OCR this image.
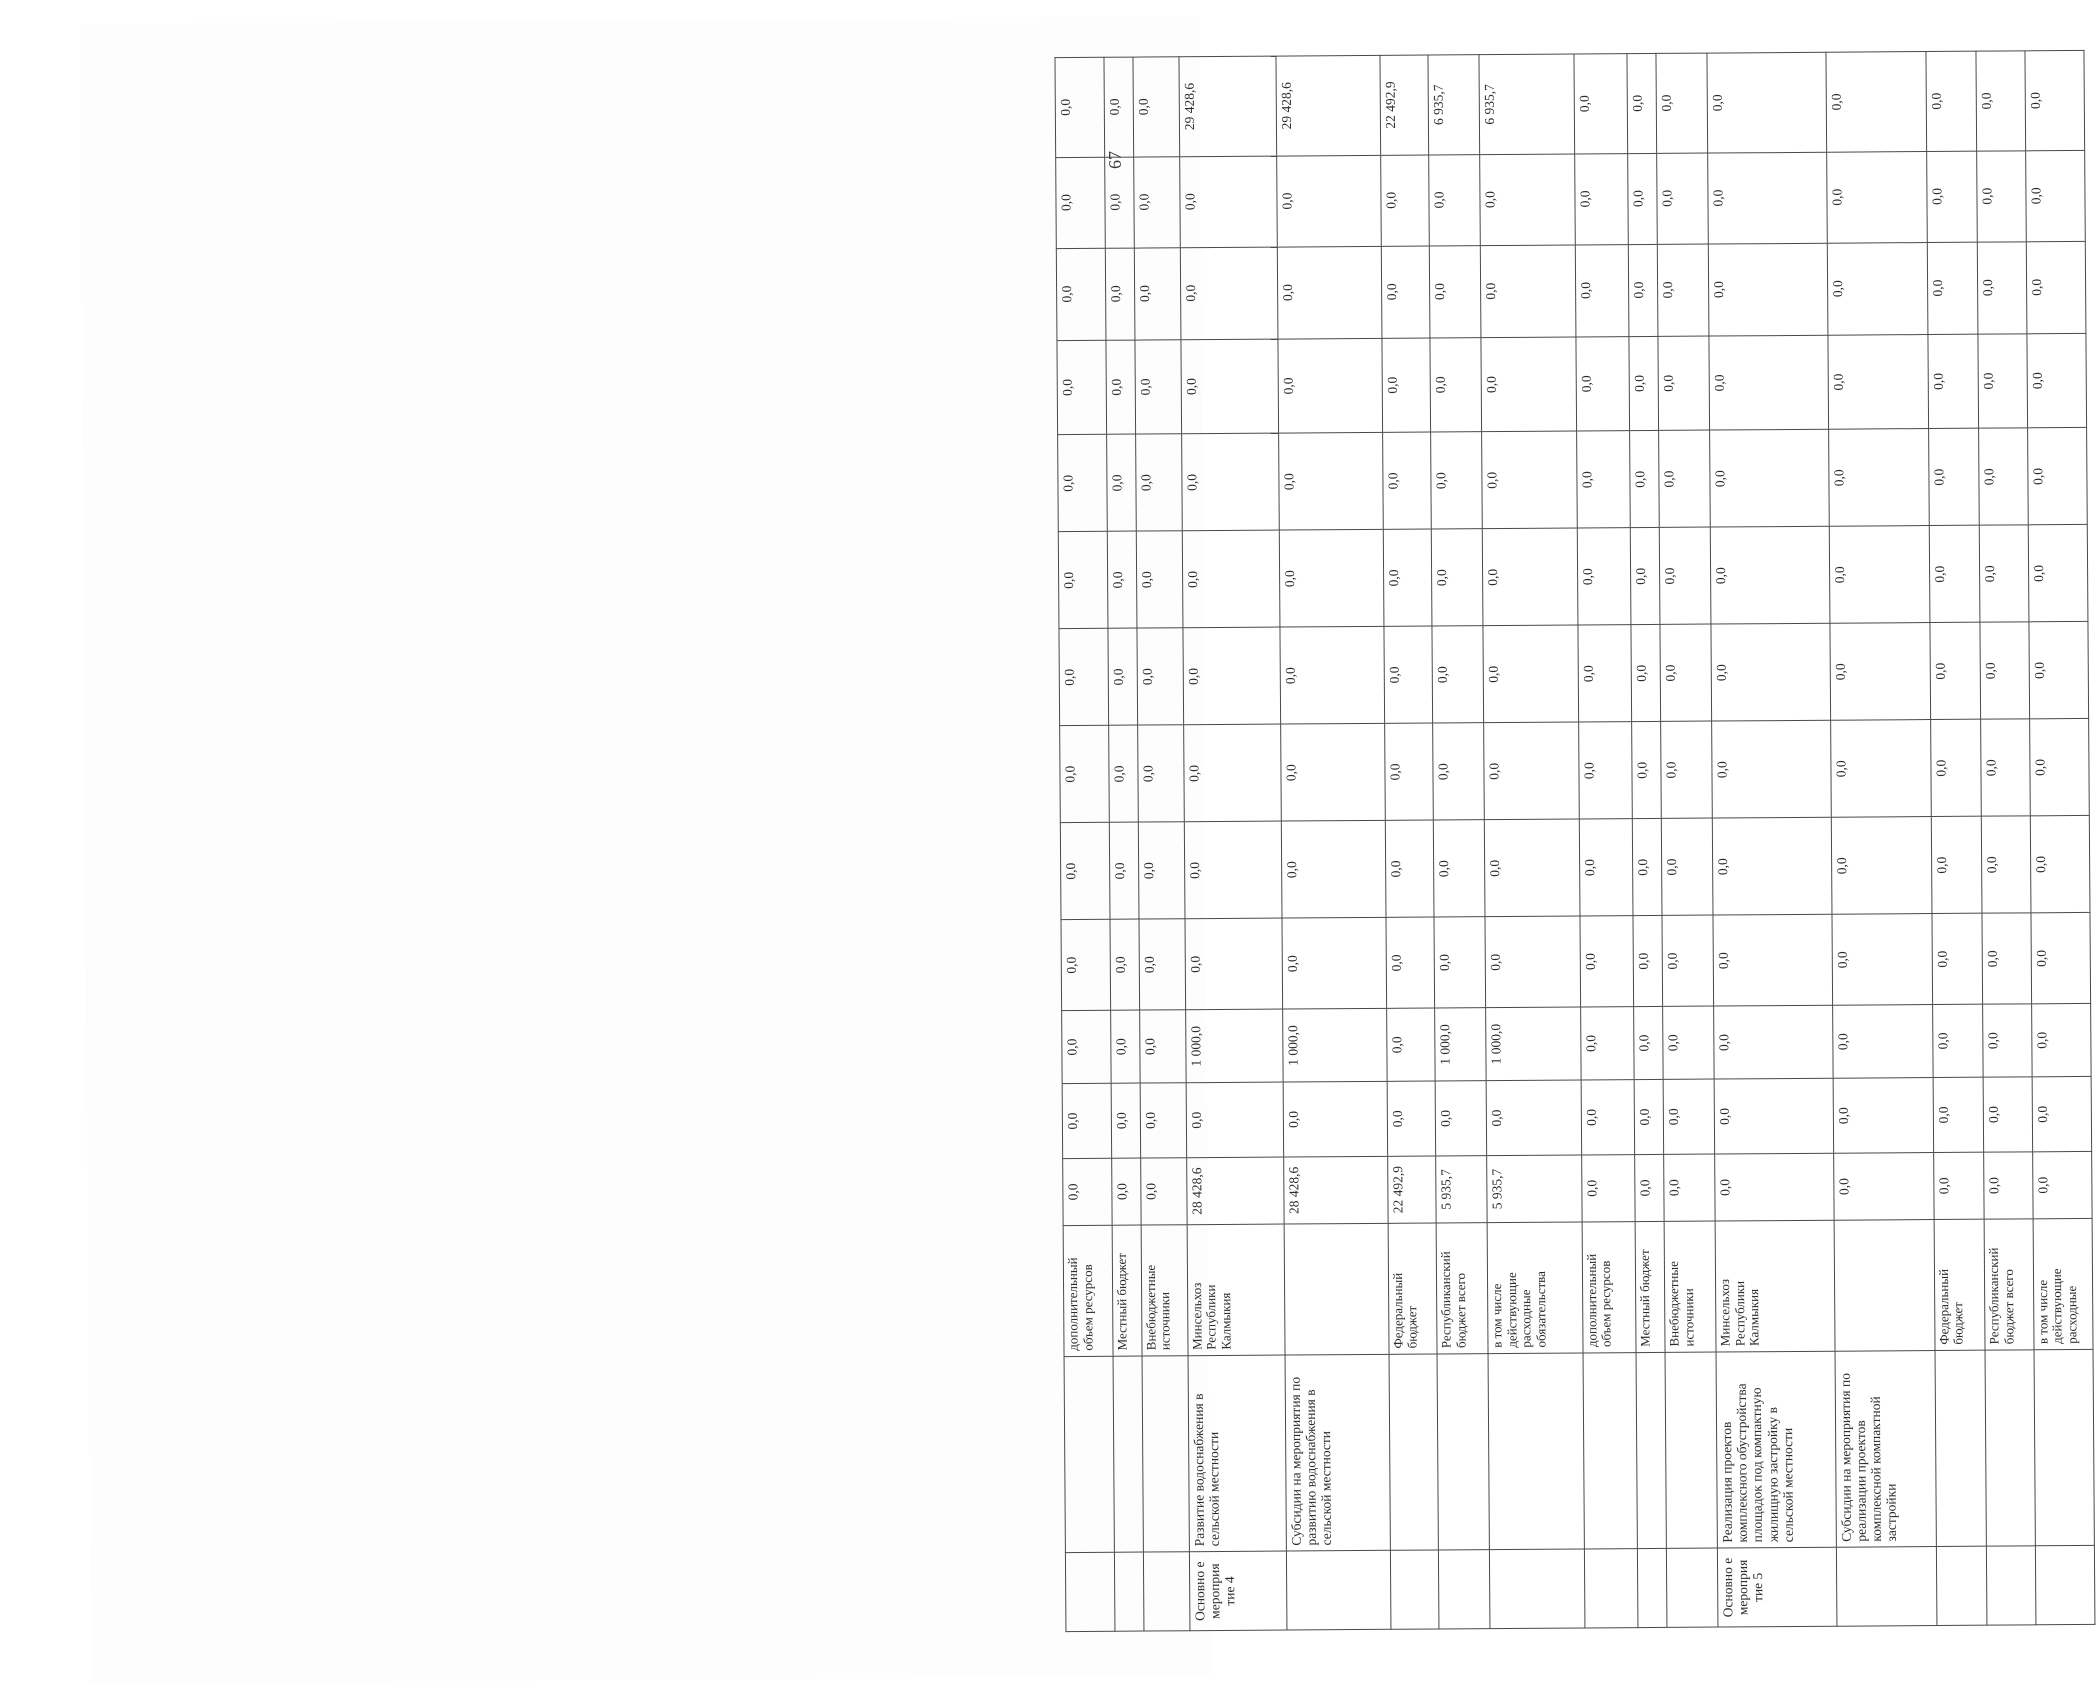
		дополнительный объем ресурсов	0,0	0,0	0,0	0,0	0,0	0,0	0,0	0,0	0,0	0,0	0,0	0,0	0,0
		Местный бюджет	0,0	0,0	0,0	0,0	0,0	0,0	0,0	0,0	0,0	0,0	0,0	0,0	0,0
		Внебюджетные источники	0,0	0,0	0,0	0,0	0,0	0,0	0,0	0,0	0,0	0,0	0,0	0,0	0,0
Основно е мероприя тие 4	Развитие водоснабжения в сельской местности	Минсельхоз Республики Калмыкия	28 428,6	0,0	1 000,0	0,0	0,0	0,0	0,0	0,0	0,0	0,0	0,0	0,0	29 428,6
	Субсидии на мероприятия по развитию водоснабжения в сельской местности		28 428,6	0,0	1 000,0	0,0	0,0	0,0	0,0	0,0	0,0	0,0	0,0	0,0	29 428,6
		Федеральный бюджет	22 492,9	0,0	0,0	0,0	0,0	0,0	0,0	0,0	0,0	0,0	0,0	0,0	22 492,9
		Республиканский бюджет всего	5 935,7	0,0	1 000,0	0,0	0,0	0,0	0,0	0,0	0,0	0,0	0,0	0,0	6 935,7
		в том числе действующие расходные обязательства	5 935,7	0,0	1 000,0	0,0	0,0	0,0	0,0	0,0	0,0	0,0	0,0	0,0	6 935,7
		дополнительный объем ресурсов	0,0	0,0	0,0	0,0	0,0	0,0	0,0	0,0	0,0	0,0	0,0	0,0	0,0
		Местный бюджет	0,0	0,0	0,0	0,0	0,0	0,0	0,0	0,0	0,0	0,0	0,0	0,0	0,0
		Внебюджетные источники	0,0	0,0	0,0	0,0	0,0	0,0	0,0	0,0	0,0	0,0	0,0	0,0	0,0
Основно е мероприя тие 5	Реализация проектов комплексного обустройства площадок под компактную жилищную застройку в сельской местности	Минсельхоз Республики Калмыкия	0,0	0,0	0,0	0,0	0,0	0,0	0,0	0,0	0,0	0,0	0,0	0,0	0,0
	Субсидии на мероприятия по реализации проектов комплексной компактной застройки		0,0	0,0	0,0	0,0	0,0	0,0	0,0	0,0	0,0	0,0	0,0	0,0	0,0
		Федеральный бюджет	0,0	0,0	0,0	0,0	0,0	0,0	0,0	0,0	0,0	0,0	0,0	0,0	0,0
		Республиканский бюджет всего	0,0	0,0	0,0	0,0	0,0	0,0	0,0	0,0	0,0	0,0	0,0	0,0	0,0
		в том числе действующие расходные	0,0	0,0	0,0	0,0	0,0	0,0	0,0	0,0	0,0	0,0	0,0	0,0	0,0
67
